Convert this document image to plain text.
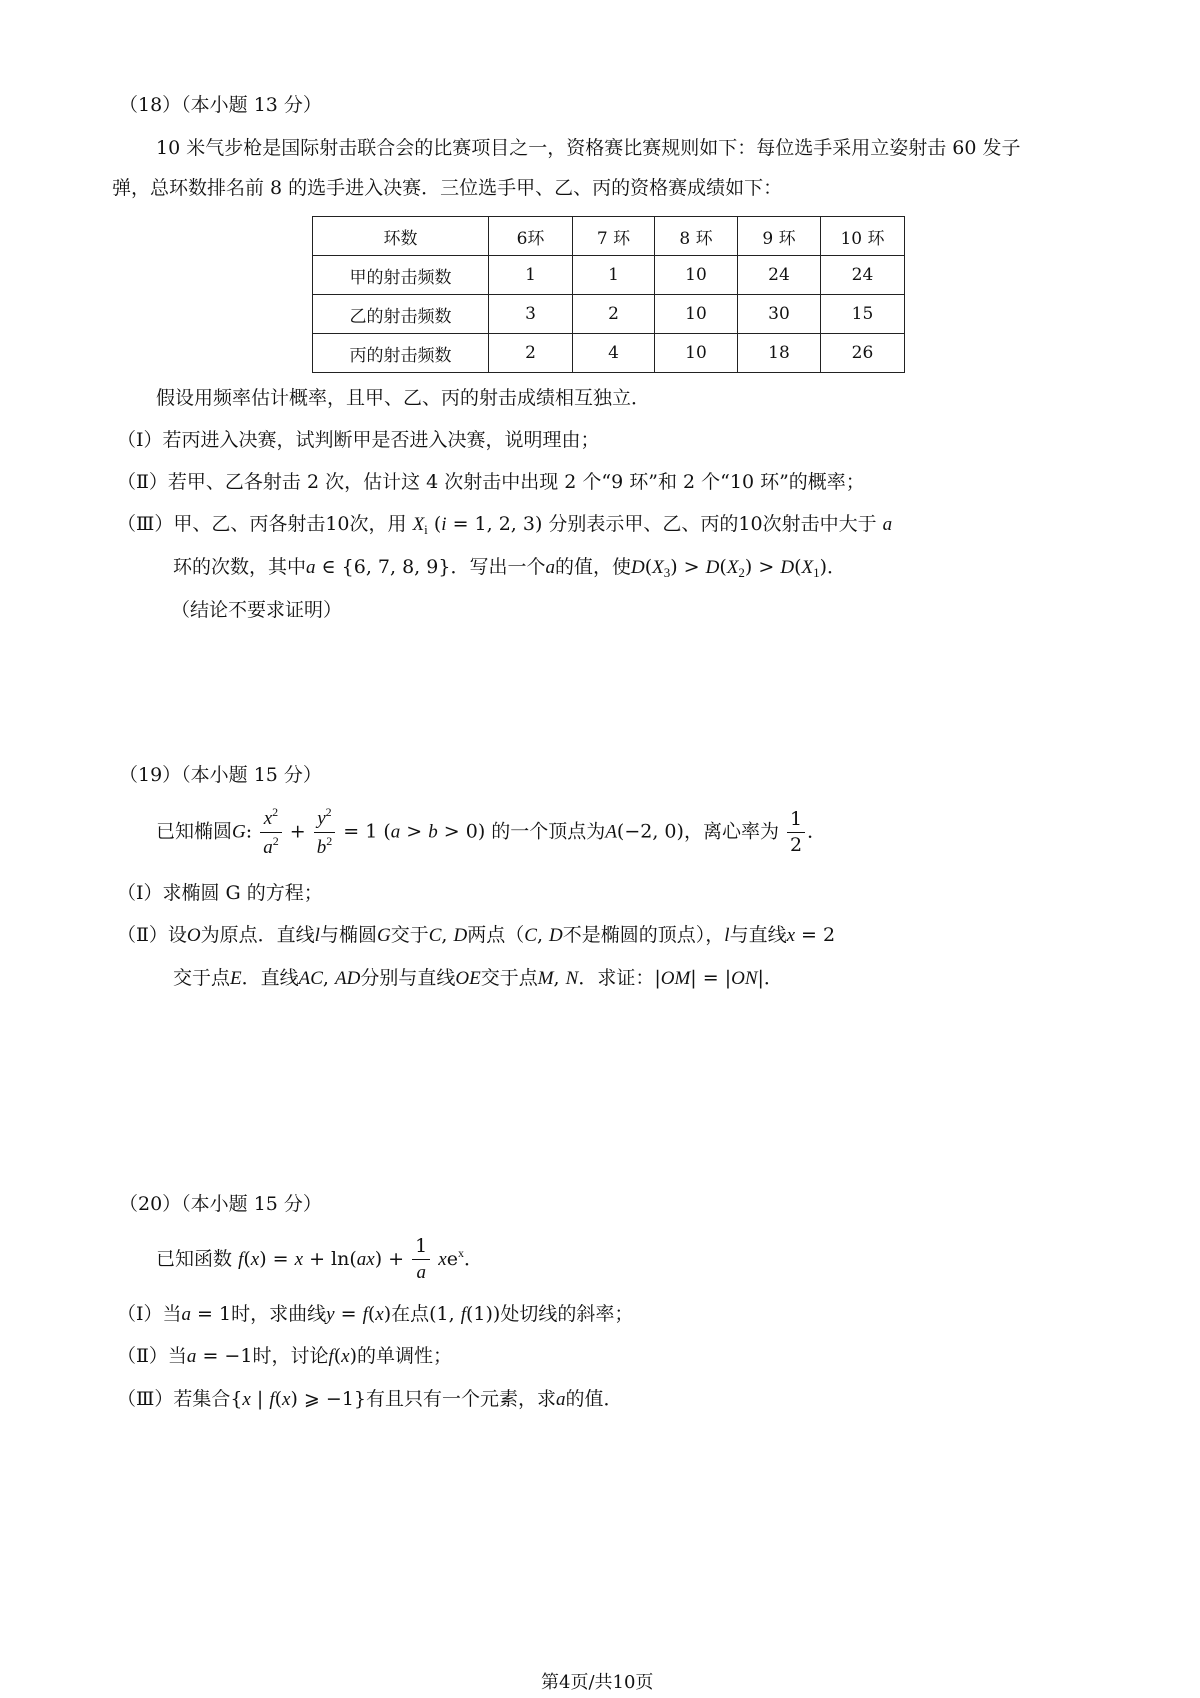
（18）（本小题 13 分）
10 米气步枪是国际射击联合会的比赛项目之一，资格赛比赛规则如下：每位选手采用立姿射击 60 发子
弹，总环数排名前 8 的选手进入决赛．三位选手甲、乙、丙的资格赛成绩如下：
环数	6环	7 环	8 环	9 环	10 环
甲的射击频数	1	1	10	24	24
乙的射击频数	3	2	10	30	15
丙的射击频数	2	4	10	18	26
假设用频率估计概率，且甲、乙、丙的射击成绩相互独立．
（Ⅰ）若丙进入决赛，试判断甲是否进入决赛，说明理由；
（Ⅱ）若甲、乙各射击 2 次，估计这 4 次射击中出现 2 个“9 环”和 2 个“10 环”的概率；
（Ⅲ）甲、乙、丙各射击10次，用 $X_i$ (i = 1, 2, 3) 分别表示甲、乙、丙的10次射击中大于 a
环的次数，其中a ∈ {6, 7, 8, 9}．写出一个a的值，使$D(X_3) > D(X_2) > D(X_1)$．
（结论不要求证明）
（19）（本小题 15 分）
已知椭圆G: $\frac{x^2}{a^2} + \frac{y^2}{b^2} = 1$ (a > b > 0) 的一个顶点为A(−2, 0)，离心率为 $\frac{1}{2}$ ．
（Ⅰ）求椭圆 G 的方程；
（Ⅱ）设O为原点．直线l与椭圆G交于C, D两点（C, D不是椭圆的顶点），l与直线x = 2
交于点E．直线AC, AD分别与直线OE交于点M, N．求证：|OM| = |ON|．
（20）（本小题 15 分）
已知函数 $f(x) = x + \ln(ax) + \frac{1}{a} xe^x$．
（Ⅰ）当a = 1时，求曲线y = f(x)在点(1, f(1))处切线的斜率；
（Ⅱ）当a = −1时，讨论f(x)的单调性；
（Ⅲ）若集合{x | f(x) ⩾ −1}有且只有一个元素，求a的值．
第4页/共10页
